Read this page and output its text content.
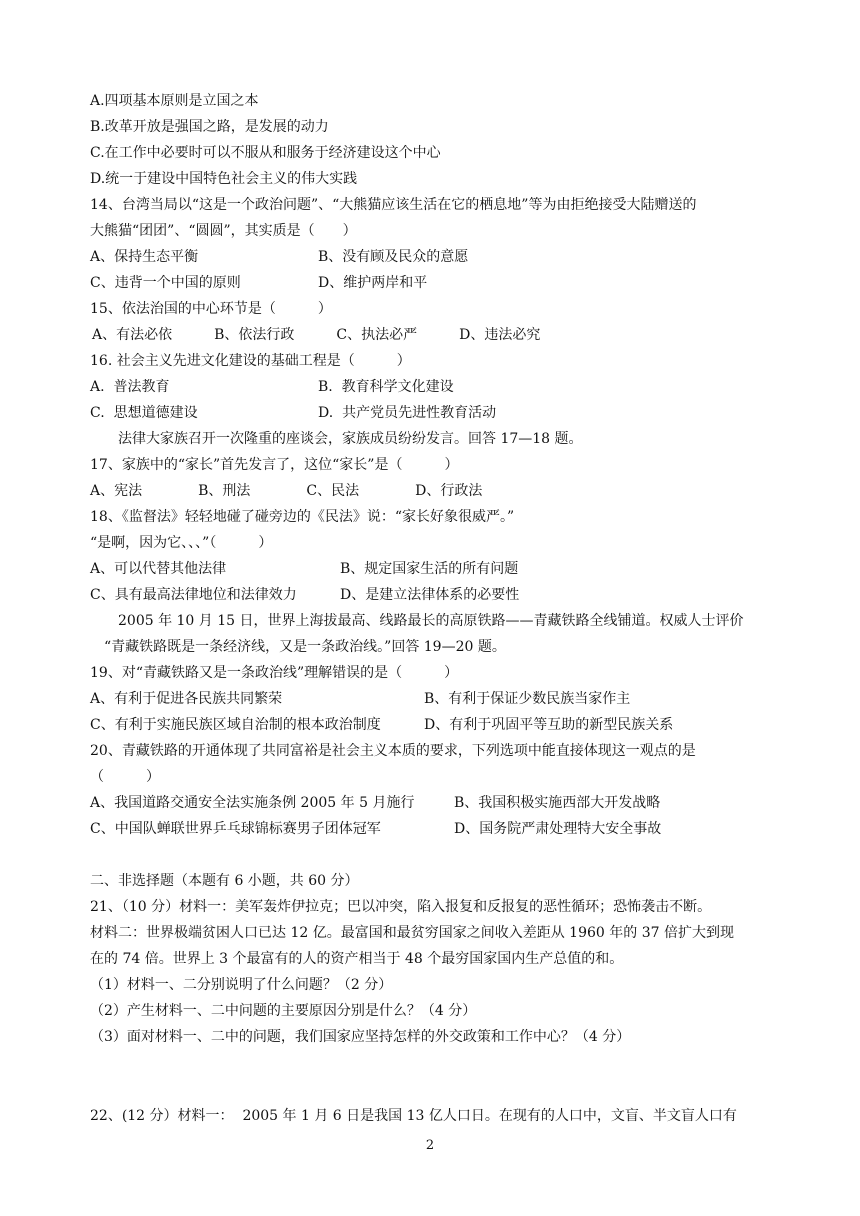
A.四项基本原则是立国之本

B.改革开放是强国之路，是发展的动力

C.在工作中必要时可以不服从和服务于经济建设这个中心

D.统一于建设中国特色社会主义的伟大实践

14、台湾当局以“这是一个政治问题”、“大熊猫应该生活在它的栖息地”等为由拒绝接受大陆赠送的

大熊猫“团团”、“圆圆”，其实质是（　　）

A、保持生态平衡	B、没有顾及民众的意愿

C、违背一个中国的原则	D、维护两岸和平

15、依法治国的中心环节是（　　　）

A、有法必依　　　B、依法行政　　　C、执法必严　　　D、违法必究

16. 社会主义先进文化建设的基础工程是（　　　）

A.  普法教育	B.  教育科学文化建设

C.  思想道德建设	D.  共产党员先进性教育活动

法律大家族召开一次隆重的座谈会，家族成员纷纷发言。回答 17—18 题。

17、家族中的“家长”首先发言了，这位“家长”是（　　　）

A、宪法　　　　B、刑法　　　　C、民法　　　　D、行政法

18、《监督法》轻轻地碰了碰旁边的《民法》说：“家长好象很威严。”

“是啊，因为它、、、”（　　　）

A、可以代替其他法律	B、规定国家生活的所有问题

C、具有最高法律地位和法律效力	D、是建立法律体系的必要性

2005 年 10 月 15 日，世界上海拔最高、线路最长的高原铁路——青藏铁路全线铺道。权威人士评价

“青藏铁路既是一条经济线，又是一条政治线。”回答 19—20 题。

19、对“青藏铁路又是一条政治线”理解错误的是（　　　）

A、有利于促进各民族共同繁荣	B、有利于保证少数民族当家作主

C、有利于实施民族区域自治制的根本政治制度	D、有利于巩固平等互助的新型民族关系

20、青藏铁路的开通体现了共同富裕是社会主义本质的要求，下列选项中能直接体现这一观点的是

（　　　）

A、我国道路交通安全法实施条例 2005 年 5 月施行	B、我国积极实施西部大开发战略

C、中国队蝉联世界乒乓球锦标赛男子团体冠军	D、国务院严肃处理特大安全事故

二、非选择题（本题有 6 小题，共 60 分）

21、（10 分）材料一：美军轰炸伊拉克；巴以冲突，陷入报复和反报复的恶性循环；恐怖袭击不断。

材料二：世界极端贫困人口已达 12 亿。最富国和最贫穷国家之间收入差距从 1960 年的 37 倍扩大到现

在的 74 倍。世界上 3 个最富有的人的资产相当于 48 个最穷国家国内生产总值的和。

（1）材料一、二分别说明了什么问题？（2 分）

（2）产生材料一、二中问题的主要原因分别是什么？（4 分）

（3）面对材料一、二中的问题，我们国家应坚持怎样的外交政策和工作中心？（4 分）

22、(12 分）材料一：  2005 年 1 月 6 日是我国 13 亿人口日。在现有的人口中，文盲、半文盲人口有

2
